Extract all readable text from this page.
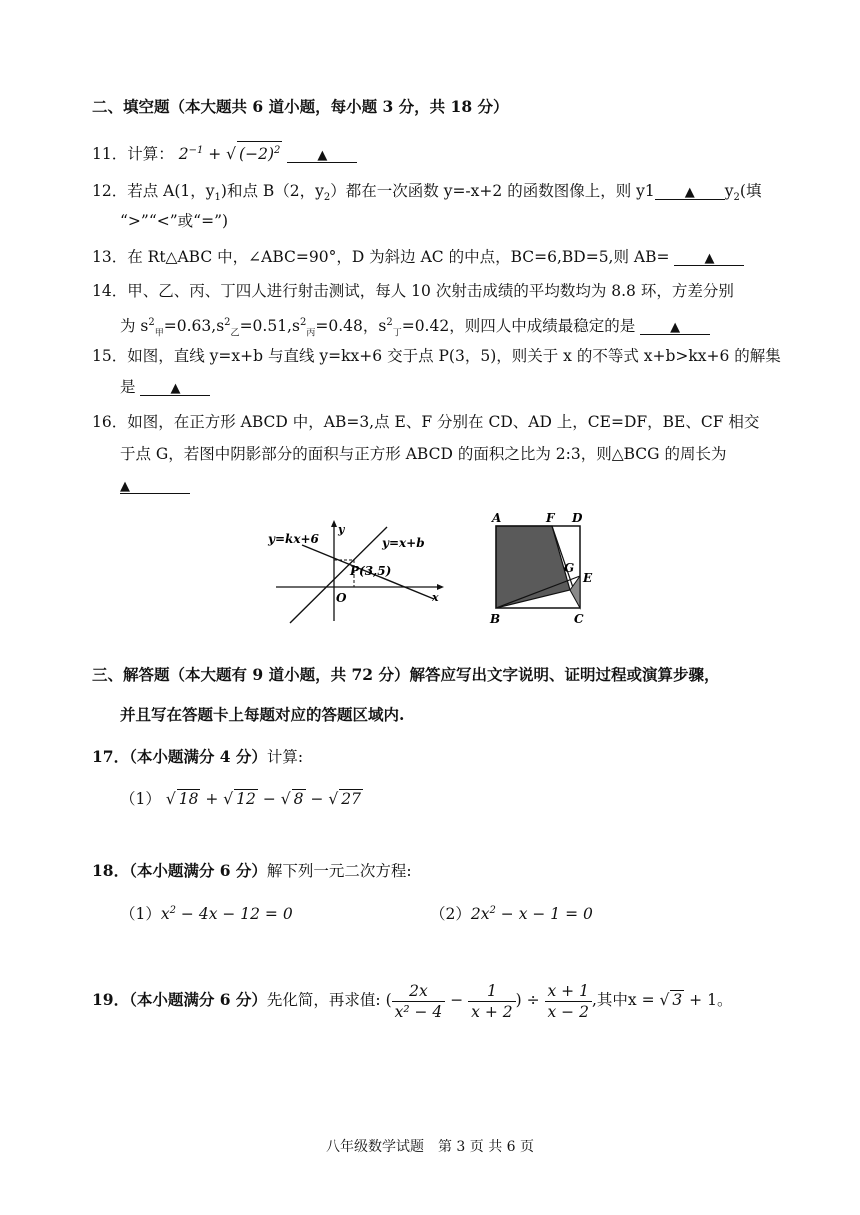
二、填空题（本大题共 6 道小题，每小题 3 分，共 18 分）
11．计算： $2^{-1}$ + √ $(-2)^2$	▲
12．若点 A(1，$y_1$)和点 B（2，$y_2$）都在一次函数 y=-x+2 的函数图像上，则 y1 ▲ $y_2$(填
“>”“<”或“=”)
13．在 Rt△ABC 中，∠ABC=90°，D 为斜边 AC 的中点，BC=6,BD=5,则 AB=	▲
14．甲、乙、丙、丁四人进行射击测试，每人 10 次射击成绩的平均数均为 8.8 环，方差分别
为 $s^2_甲=0.63,s^2_乙=0.51,s^2_丙=0.48$，$s^2_丁=0.42$，则四人中成绩最稳定的是	▲
15．如图，直线 y=x+b 与直线 y=kx+6 交于点 P(3，5)，则关于 x 的不等式 x+b>kx+6 的解集
是	▲
16．如图，在正方形 ABCD 中，AB=3,点 E、F 分别在 CD、AD 上，CE=DF，BE、CF 相交
于点 G，若图中阴影部分的面积与正方形 ABCD 的面积之比为 2:3，则△BCG 的周长为
▲
y=kx+6	y=x+b
P(3,5)
O	x
y
A	F D
E
G
B	C
三、解答题（本大题有 9 道小题，共 72 分）解答应写出文字说明、证明过程或演算步骤，
并且写在答题卡上每题对应的答题区域内.
17．（本小题满分 4 分）计算:
（1） √ 18 + √ 12 − √ 8 − √ 27
18．（本小题满分 6 分）解下列一元二次方程:
$(1)x^2 - 4x - 12 = 0$	$(2)2x^2 - x - 1 = 0$
19．（本小题满分 6 分）先化简，再求值: ( $\frac{2x}{\text{x² − 4}} - \frac{1}{x + 2}$ ) ÷ $\frac{x + 1}{x - 2}$ ,其中x = √ 3 + 1。
八年级数学试题　第 3 页 共 6 页
